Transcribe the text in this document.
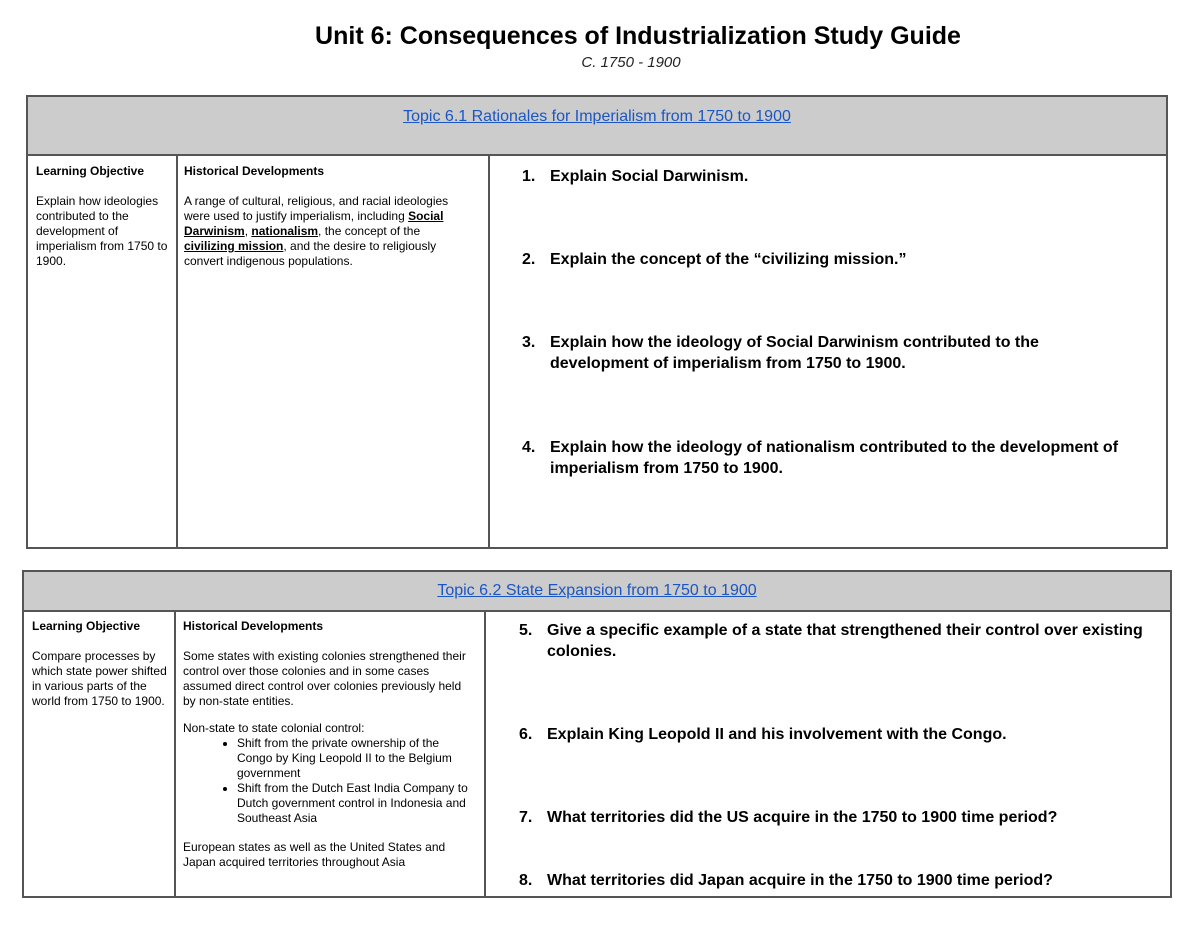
Unit 6: Consequences of Industrialization Study Guide
C. 1750 - 1900
Topic 6.1 Rationales for Imperialism from 1750 to 1900
Learning Objective
Explain how ideologies contributed to the development of imperialism from 1750 to 1900.
Historical Developments
A range of cultural, religious, and racial ideologies were used to justify imperialism, including Social Darwinism, nationalism, the concept of the civilizing mission, and the desire to religiously convert indigenous populations.
1. Explain Social Darwinism.
2. Explain the concept of the “civilizing mission.”
3. Explain how the ideology of Social Darwinism contributed to the development of imperialism from 1750 to 1900.
4. Explain how the ideology of nationalism contributed to the development of imperialism from 1750 to 1900.
Topic 6.2 State Expansion from 1750 to 1900
Learning Objective
Compare processes by which state power shifted in various parts of the world from 1750 to 1900.
Historical Developments

Some states with existing colonies strengthened their control over those colonies and in some cases assumed direct control over colonies previously held by non-state entities.

Non-state to state colonial control:

• Shift from the private ownership of the Congo by King Leopold II to the Belgium government
• Shift from the Dutch East India Company to Dutch government control in Indonesia and Southeast Asia

European states as well as the United States and Japan acquired territories throughout Asia

5. Give a specific example of a state that strengthened their control over existing colonies.
6. Explain King Leopold II and his involvement with the Congo.
7. What territories did the US acquire in the 1750 to 1900 time period?
8. What territories did Japan acquire in the 1750 to 1900 time period?
